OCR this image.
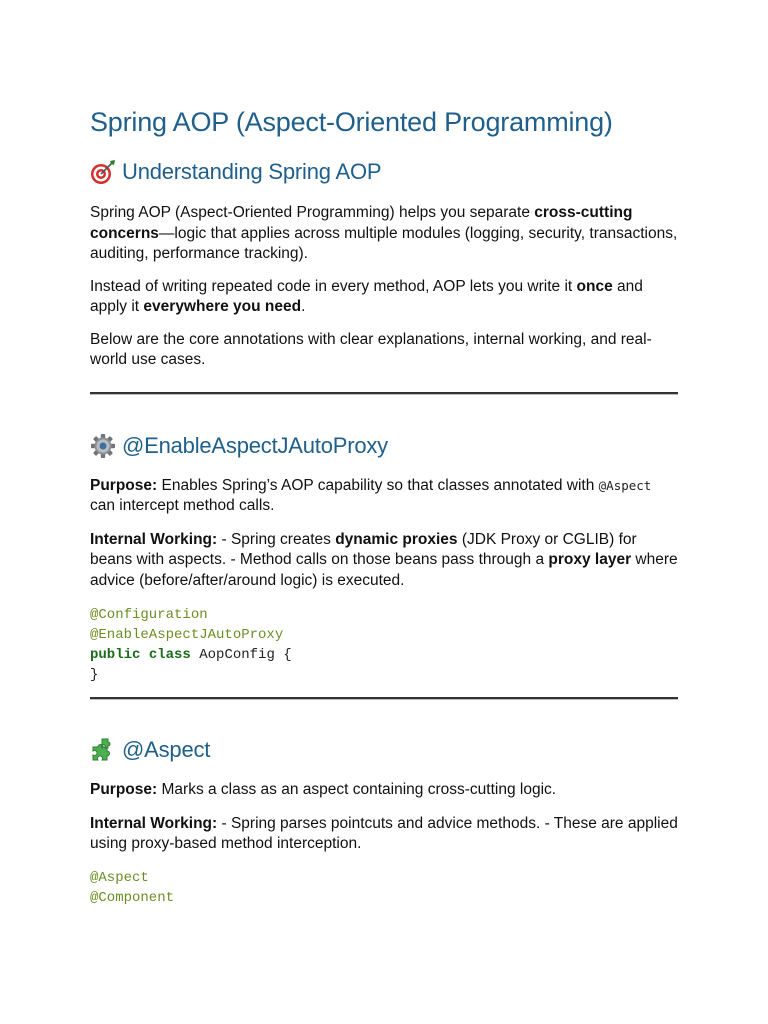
Spring AOP (Aspect-Oriented Programming)
Understanding Spring AOP

Spring AOP (Aspect-Oriented Programming) helps you separate cross-cutting concerns—logic that applies across multiple modules (logging, security, transactions, auditing, performance tracking).

Instead of writing repeated code in every method, AOP lets you write it once and apply it everywhere you need.

Below are the core annotations with clear explanations, internal working, and real-world use cases.

@EnableAspectJAutoProxy

Purpose: Enables Spring’s AOP capability so that classes annotated with @Aspect can intercept method calls.

Internal Working: - Spring creates dynamic proxies (JDK Proxy or CGLIB) for beans with aspects. - Method calls on those beans pass through a proxy layer where advice (before/after/around logic) is executed.

@Configuration
@EnableAspectJAutoProxy
public class AopConfig {
}
@Aspect

Purpose: Marks a class as an aspect containing cross-cutting logic.

Internal Working: - Spring parses pointcuts and advice methods. - These are applied using proxy-based method interception.

@Aspect
@Component
